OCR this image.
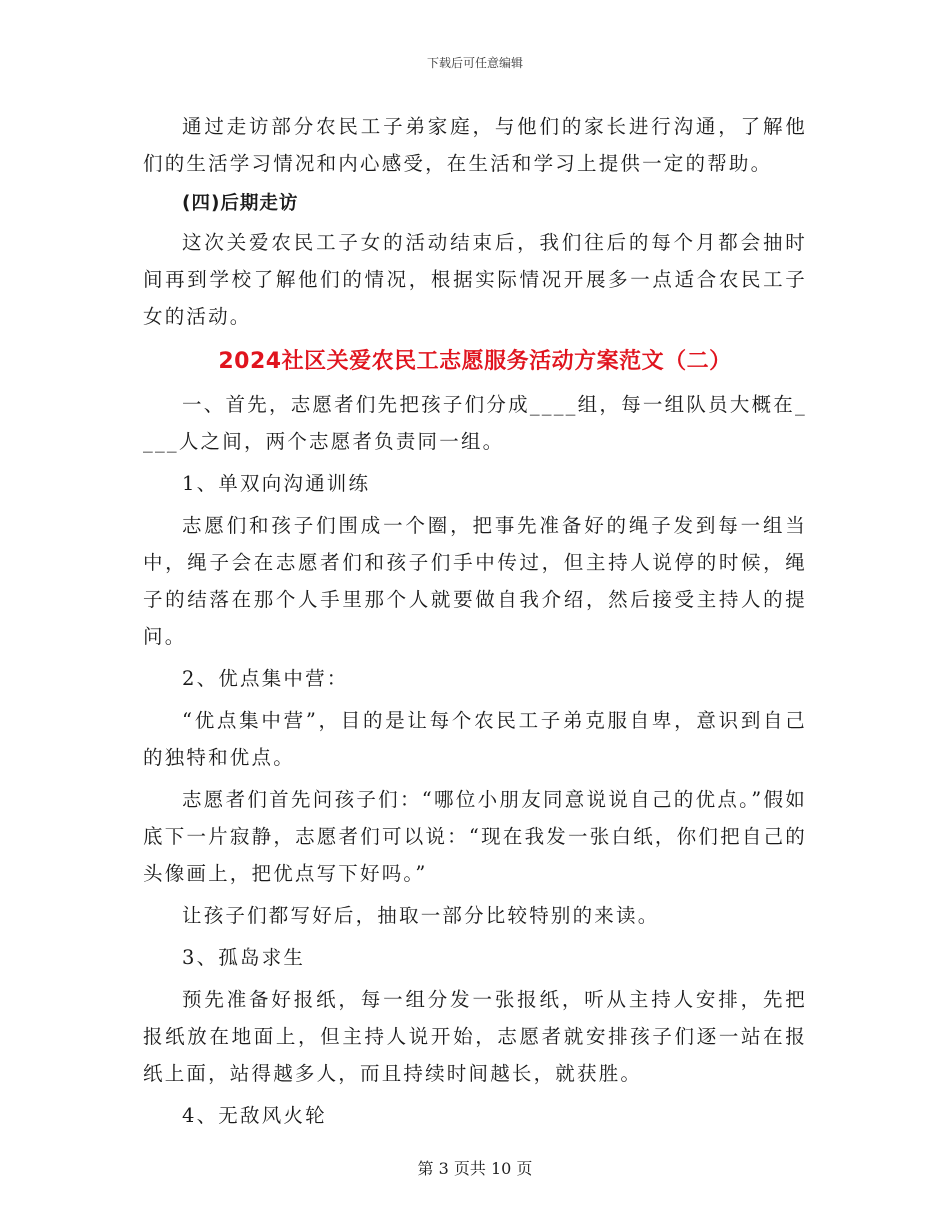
下载后可任意编辑

通过走访部分农民工子弟家庭，与他们的家长进行沟通，了解他们的生活学习情况和内心感受，在生活和学习上提供一定的帮助。

(四)后期走访

这次关爱农民工子女的活动结束后，我们往后的每个月都会抽时间再到学校了解他们的情况，根据实际情况开展多一点适合农民工子女的活动。

2024社区关爱农民工志愿服务活动方案范文（二）

一、首先，志愿者们先把孩子们分成____组，每一组队员大概在____人之间，两个志愿者负责同一组。

1、单双向沟通训练

志愿们和孩子们围成一个圈，把事先准备好的绳子发到每一组当中，绳子会在志愿者们和孩子们手中传过，但主持人说停的时候，绳子的结落在那个人手里那个人就要做自我介绍，然后接受主持人的提问。

2、优点集中营：

“优点集中营”，目的是让每个农民工子弟克服自卑，意识到自己的独特和优点。

志愿者们首先问孩子们：“哪位小朋友同意说说自己的优点。”假如底下一片寂静，志愿者们可以说：“现在我发一张白纸，你们把自己的头像画上，把优点写下好吗。”

让孩子们都写好后，抽取一部分比较特别的来读。

3、孤岛求生

预先准备好报纸，每一组分发一张报纸，听从主持人安排，先把报纸放在地面上，但主持人说开始，志愿者就安排孩子们逐一站在报纸上面，站得越多人，而且持续时间越长，就获胜。

4、无敌风火轮

第 3 页共 10 页
